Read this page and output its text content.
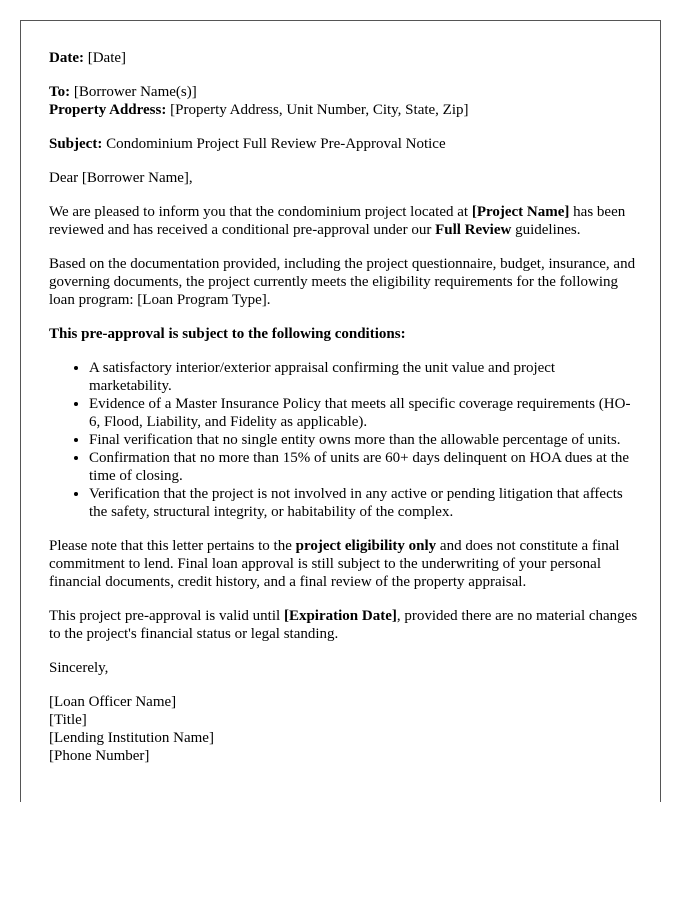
Date: [Date]

To: [Borrower Name(s)]
Property Address: [Property Address, Unit Number, City, State, Zip]

Subject: Condominium Project Full Review Pre-Approval Notice

Dear [Borrower Name],

We are pleased to inform you that the condominium project located at [Project Name] has been reviewed and has received a conditional pre-approval under our Full Review guidelines.

Based on the documentation provided, including the project questionnaire, budget, insurance, and governing documents, the project currently meets the eligibility requirements for the following loan program: [Loan Program Type].

This pre-approval is subject to the following conditions:

• A satisfactory interior/exterior appraisal confirming the unit value and project marketability.
• Evidence of a Master Insurance Policy that meets all specific coverage requirements (HO-6, Flood, Liability, and Fidelity as applicable).
• Final verification that no single entity owns more than the allowable percentage of units.
• Confirmation that no more than 15% of units are 60+ days delinquent on HOA dues at the time of closing.
• Verification that the project is not involved in any active or pending litigation that affects the safety, structural integrity, or habitability of the complex.

Please note that this letter pertains to the project eligibility only and does not constitute a final commitment to lend. Final loan approval is still subject to the underwriting of your personal financial documents, credit history, and a final review of the property appraisal.

This project pre-approval is valid until [Expiration Date], provided there are no material changes to the project's financial status or legal standing.

Sincerely,

[Loan Officer Name]

[Title]

[Lending Institution Name]

[Phone Number]
